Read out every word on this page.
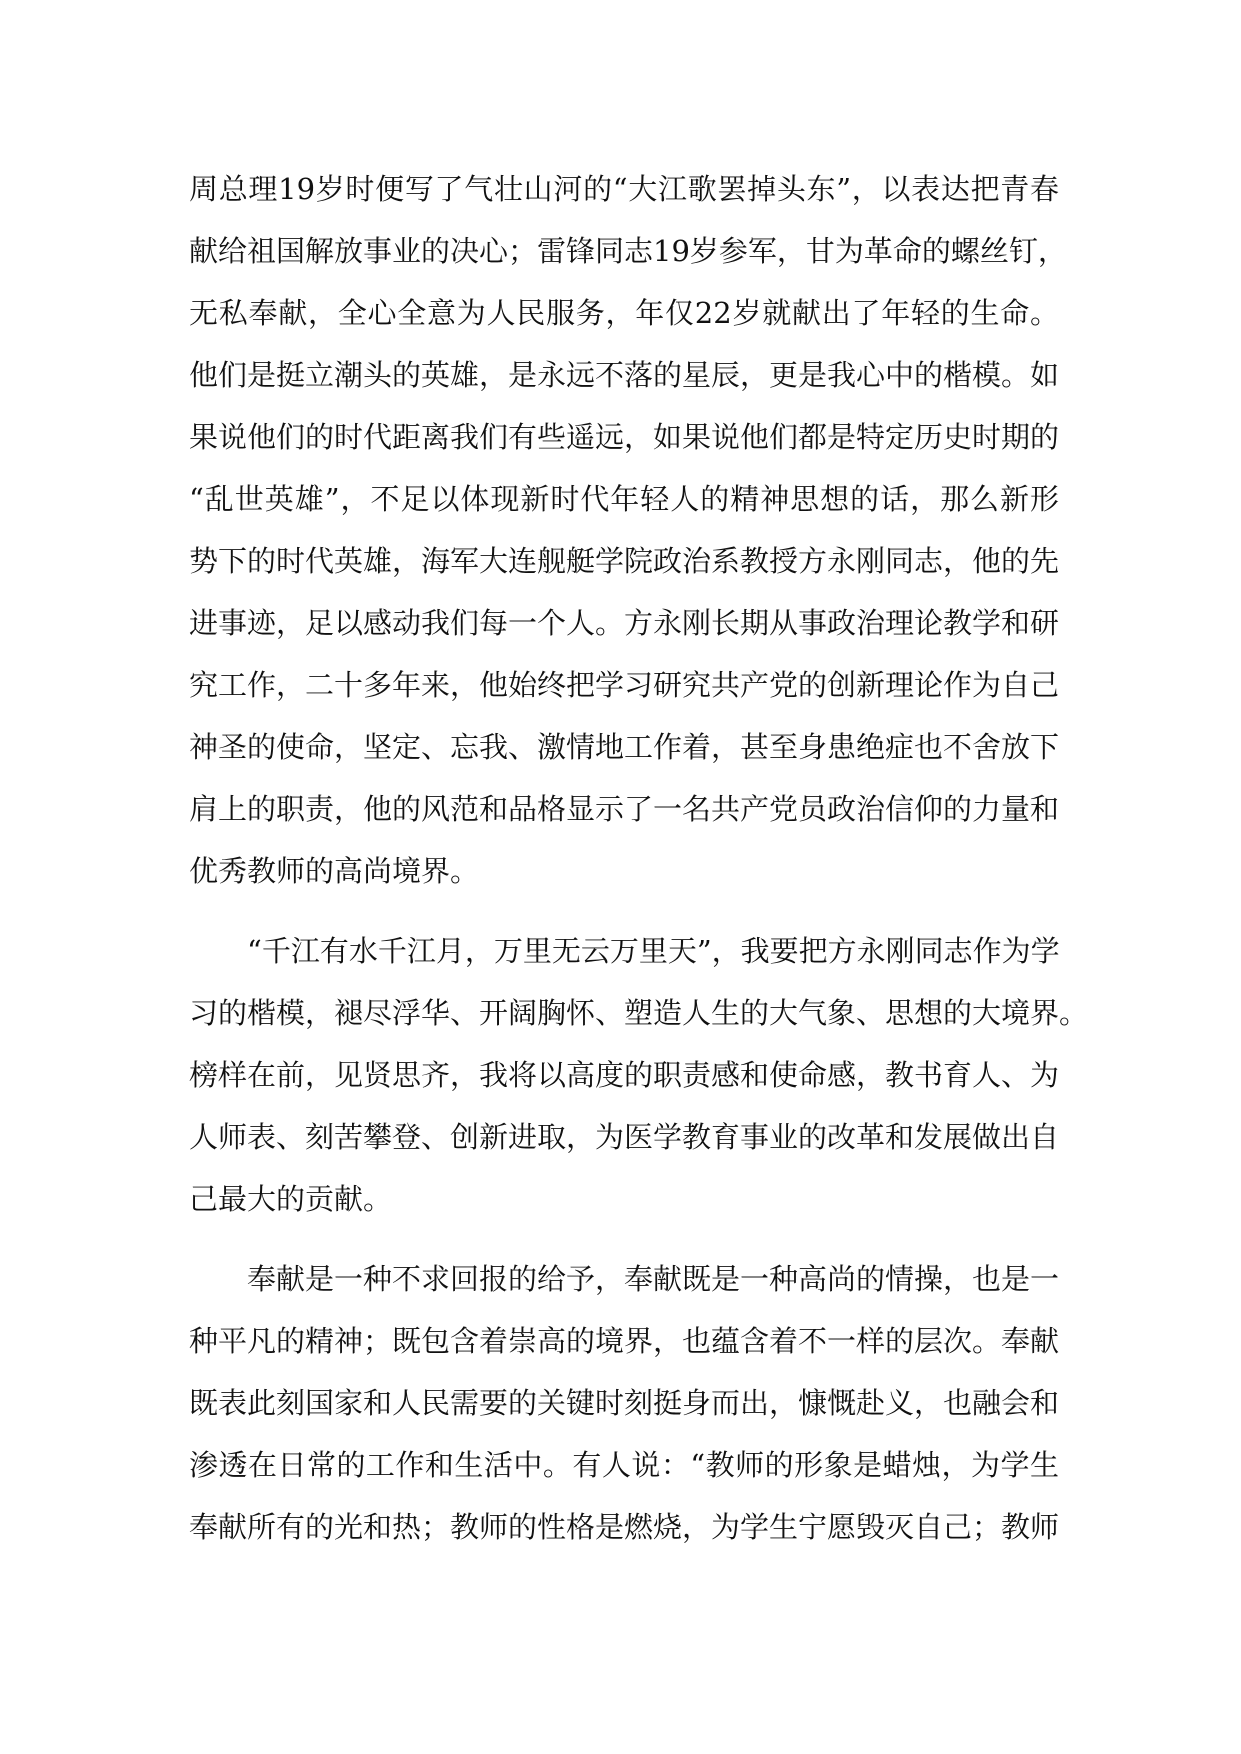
周总理19岁时便写了气壮山河的“大江歌罢掉头东”，以表达把青春
献给祖国解放事业的决心；雷锋同志19岁参军，甘为革命的螺丝钉，
无私奉献，全心全意为人民服务，年仅22岁就献出了年轻的生命。
他们是挺立潮头的英雄，是永远不落的星辰，更是我心中的楷模。如
果说他们的时代距离我们有些遥远，如果说他们都是特定历史时期的
“乱世英雄”，不足以体现新时代年轻人的精神思想的话，那么新形
势下的时代英雄，海军大连舰艇学院政治系教授方永刚同志，他的先
进事迹，足以感动我们每一个人。方永刚长期从事政治理论教学和研
究工作，二十多年来，他始终把学习研究共产党的创新理论作为自己
神圣的使命，坚定、忘我、激情地工作着，甚至身患绝症也不舍放下
肩上的职责，他的风范和品格显示了一名共产党员政治信仰的力量和
优秀教师的高尚境界。
“千江有水千江月，万里无云万里天”，我要把方永刚同志作为学
习的楷模，褪尽浮华、开阔胸怀、塑造人生的大气象、思想的大境界。
榜样在前，见贤思齐，我将以高度的职责感和使命感，教书育人、为
人师表、刻苦攀登、创新进取，为医学教育事业的改革和发展做出自
己最大的贡献。
奉献是一种不求回报的给予，奉献既是一种高尚的情操，也是一
种平凡的精神；既包含着崇高的境界，也蕴含着不一样的层次。奉献
既表此刻国家和人民需要的关键时刻挺身而出，慷慨赴义，也融会和
渗透在日常的工作和生活中。有人说：“教师的形象是蜡烛，为学生
奉献所有的光和热；教师的性格是燃烧，为学生宁愿毁灭自己；教师
